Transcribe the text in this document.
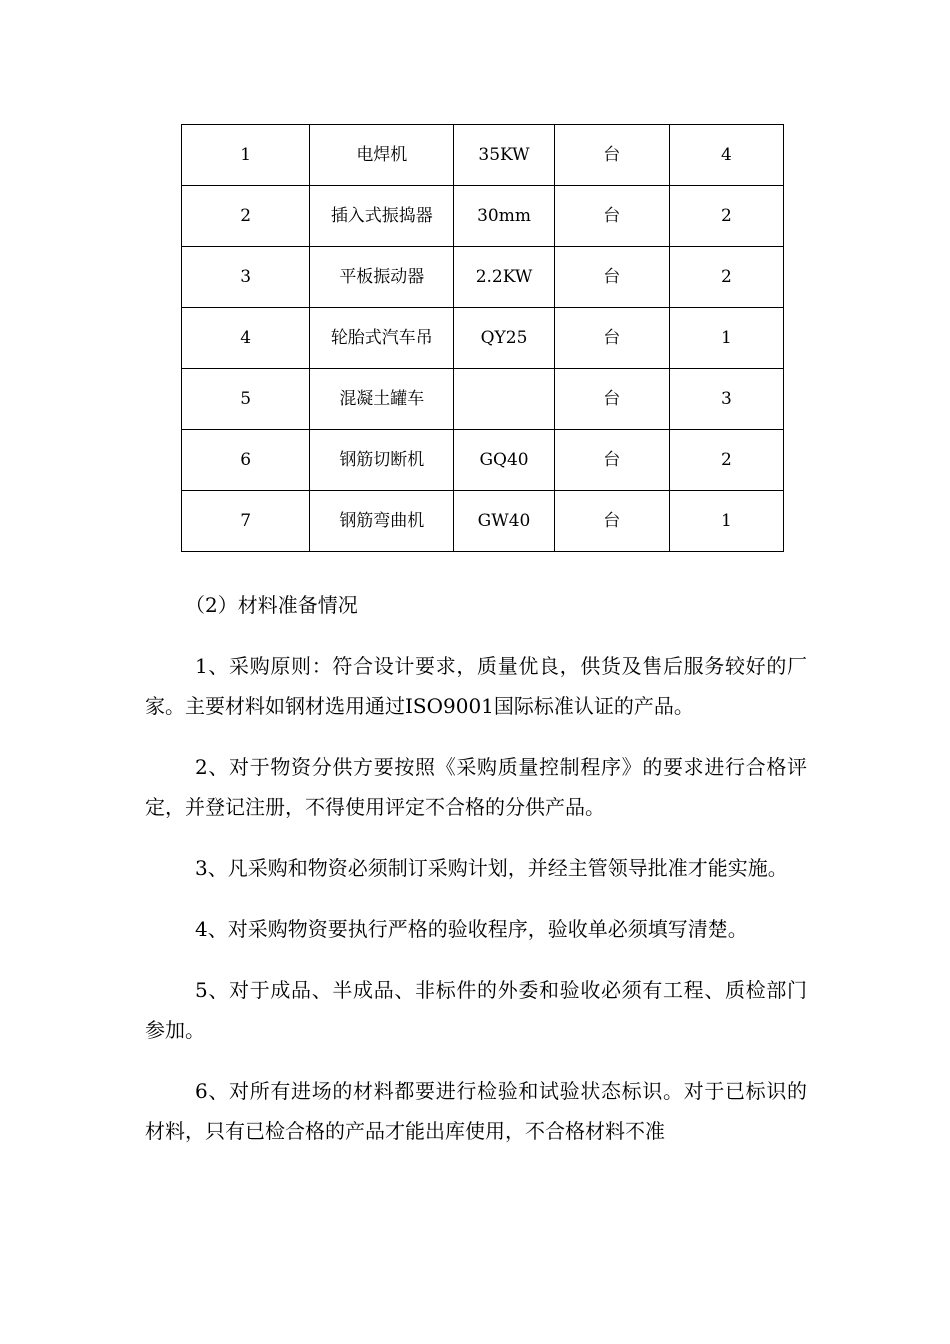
1	电焊机	35KW	台	4
2	插入式振捣器	30mm	台	2
3	平板振动器	2.2KW	台	2
4	轮胎式汽车吊	QY25	台	1
5	混凝土罐车		台	3
6	钢筋切断机	GQ40	台	2
7	钢筋弯曲机	GW40	台	1

（2）材料准备情况

1、采购原则：符合设计要求，质量优良，供货及售后服务较好的厂家。主要材料如钢材选用通过ISO9001国际标准认证的产品。

2、对于物资分供方要按照《采购质量控制程序》的要求进行合格评定，并登记注册，不得使用评定不合格的分供产品。

3、凡采购和物资必须制订采购计划，并经主管领导批准才能实施。

4、对采购物资要执行严格的验收程序，验收单必须填写清楚。

5、对于成品、半成品、非标件的外委和验收必须有工程、质检部门参加。

6、对所有进场的材料都要进行检验和试验状态标识。对于已标识的材料，只有已检合格的产品才能出库使用，不合格材料不准
